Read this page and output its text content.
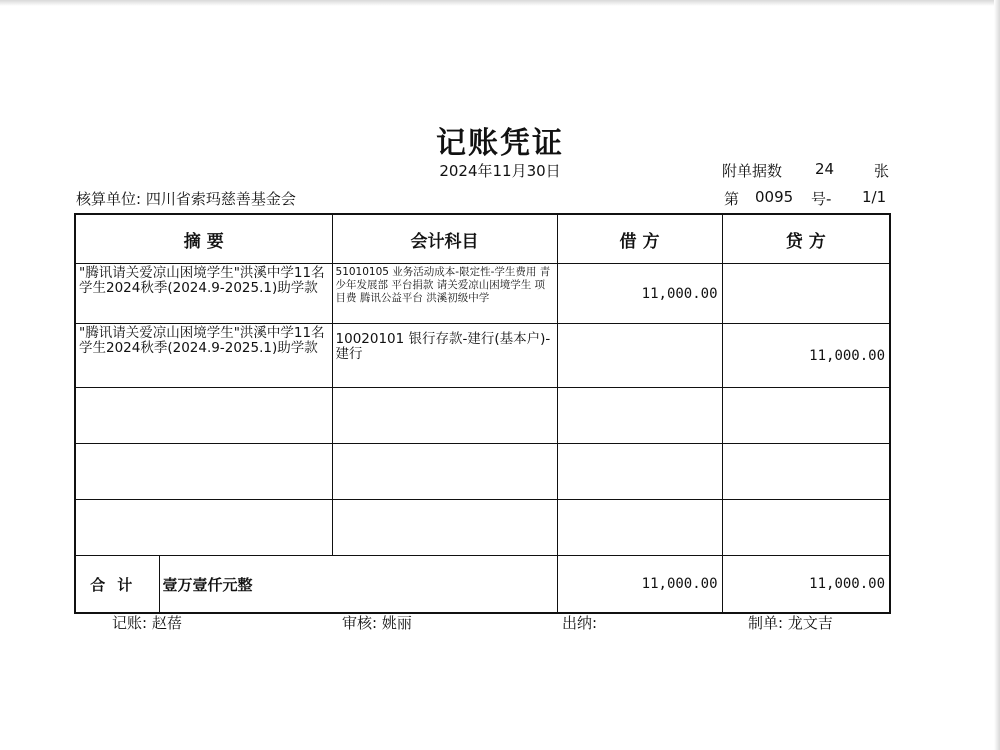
记账凭证
2024年11月30日	附单据数 24	张
核算单位: 四川省索玛慈善基金会	第 0095 号- 1/1
摘 要		会计科目	借 方	贷 方
"腾讯请关爱凉山困境学生"洪溪中学11名学生2024秋季(2024.9-2025.1)助学款		51010105 业务活动成本-限定性-学生费用 青少年发展部 平台捐款 请关爱凉山困境学生 项目费 腾讯公益平台 洪溪初级中学	11,000.00	
"腾讯请关爱凉山困境学生"洪溪中学11名学生2024秋季(2024.9-2025.1)助学款		10020101 银行存款-建行(基本户)-建行		11,000.00

合计	壹万壹仟元整		11,000.00	11,000.00
记账: 赵蓓	审核: 姚丽	出纳:	制单: 龙文吉
